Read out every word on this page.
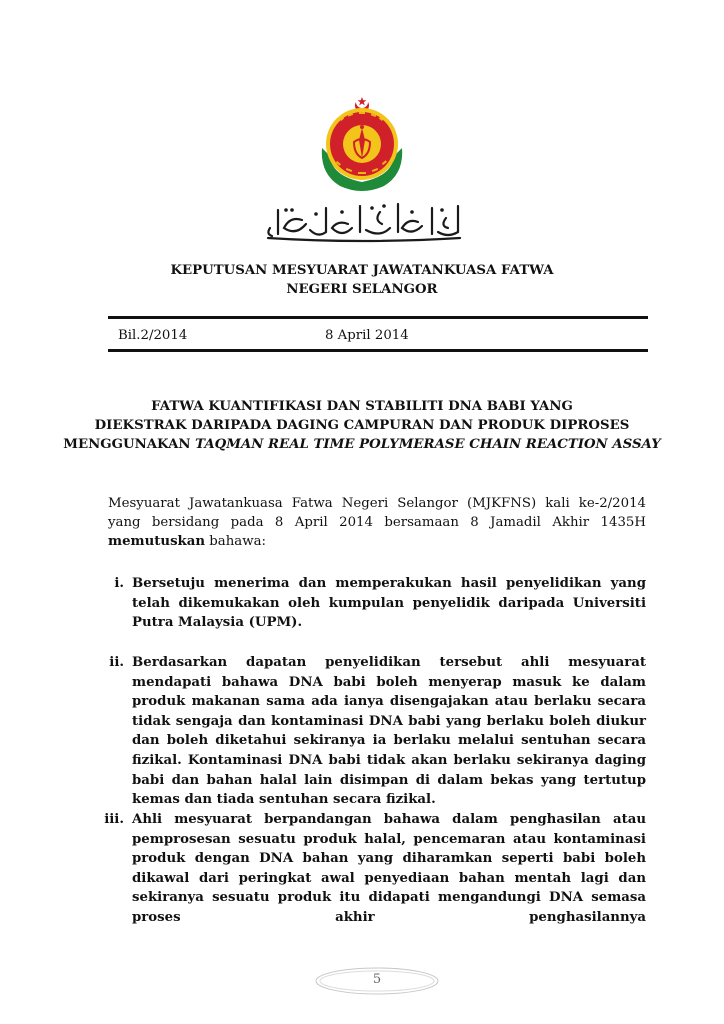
KEPUTUSAN MESYUARAT JAWATANKUASA FATWA
NEGERI SELANGOR
Bil.2/2014	8 April 2014
FATWA KUANTIFIKASI DAN STABILITI DNA BABI YANG
DIEKSTRAK DARIPADA DAGING CAMPURAN DAN PRODUK DIPROSES
MENGGUNAKAN TAQMAN REAL TIME POLYMERASE CHAIN REACTION ASSAY
Mesyuarat Jawatankuasa Fatwa Negeri Selangor (MJKFNS) kali ke-2/2014 yang bersidang pada 8 April 2014 bersamaan 8 Jamadil Akhir 1435H memutuskan bahawa:
i. Bersetuju menerima dan memperakukan hasil penyelidikan yang telah dikemukakan oleh kumpulan penyelidik daripada Universiti Putra Malaysia (UPM).
ii. Berdasarkan dapatan penyelidikan tersebut ahli mesyuarat mendapati bahawa DNA babi boleh menyerap masuk ke dalam produk makanan sama ada ianya disengajakan atau berlaku secara tidak sengaja dan kontaminasi DNA babi yang berlaku boleh diukur dan boleh diketahui sekiranya ia berlaku melalui sentuhan secara fizikal. Kontaminasi DNA babi tidak akan berlaku sekiranya daging babi dan bahan halal lain disimpan di dalam bekas yang tertutup kemas dan tiada sentuhan secara fizikal.
iii. Ahli mesyuarat berpandangan bahawa dalam penghasilan atau pemprosesan sesuatu produk halal, pencemaran atau kontaminasi produk dengan DNA bahan yang diharamkan seperti babi boleh dikawal dari peringkat awal penyediaan bahan mentah lagi dan sekiranya sesuatu produk itu didapati mengandungi DNA semasa proses akhir penghasilannya
5
